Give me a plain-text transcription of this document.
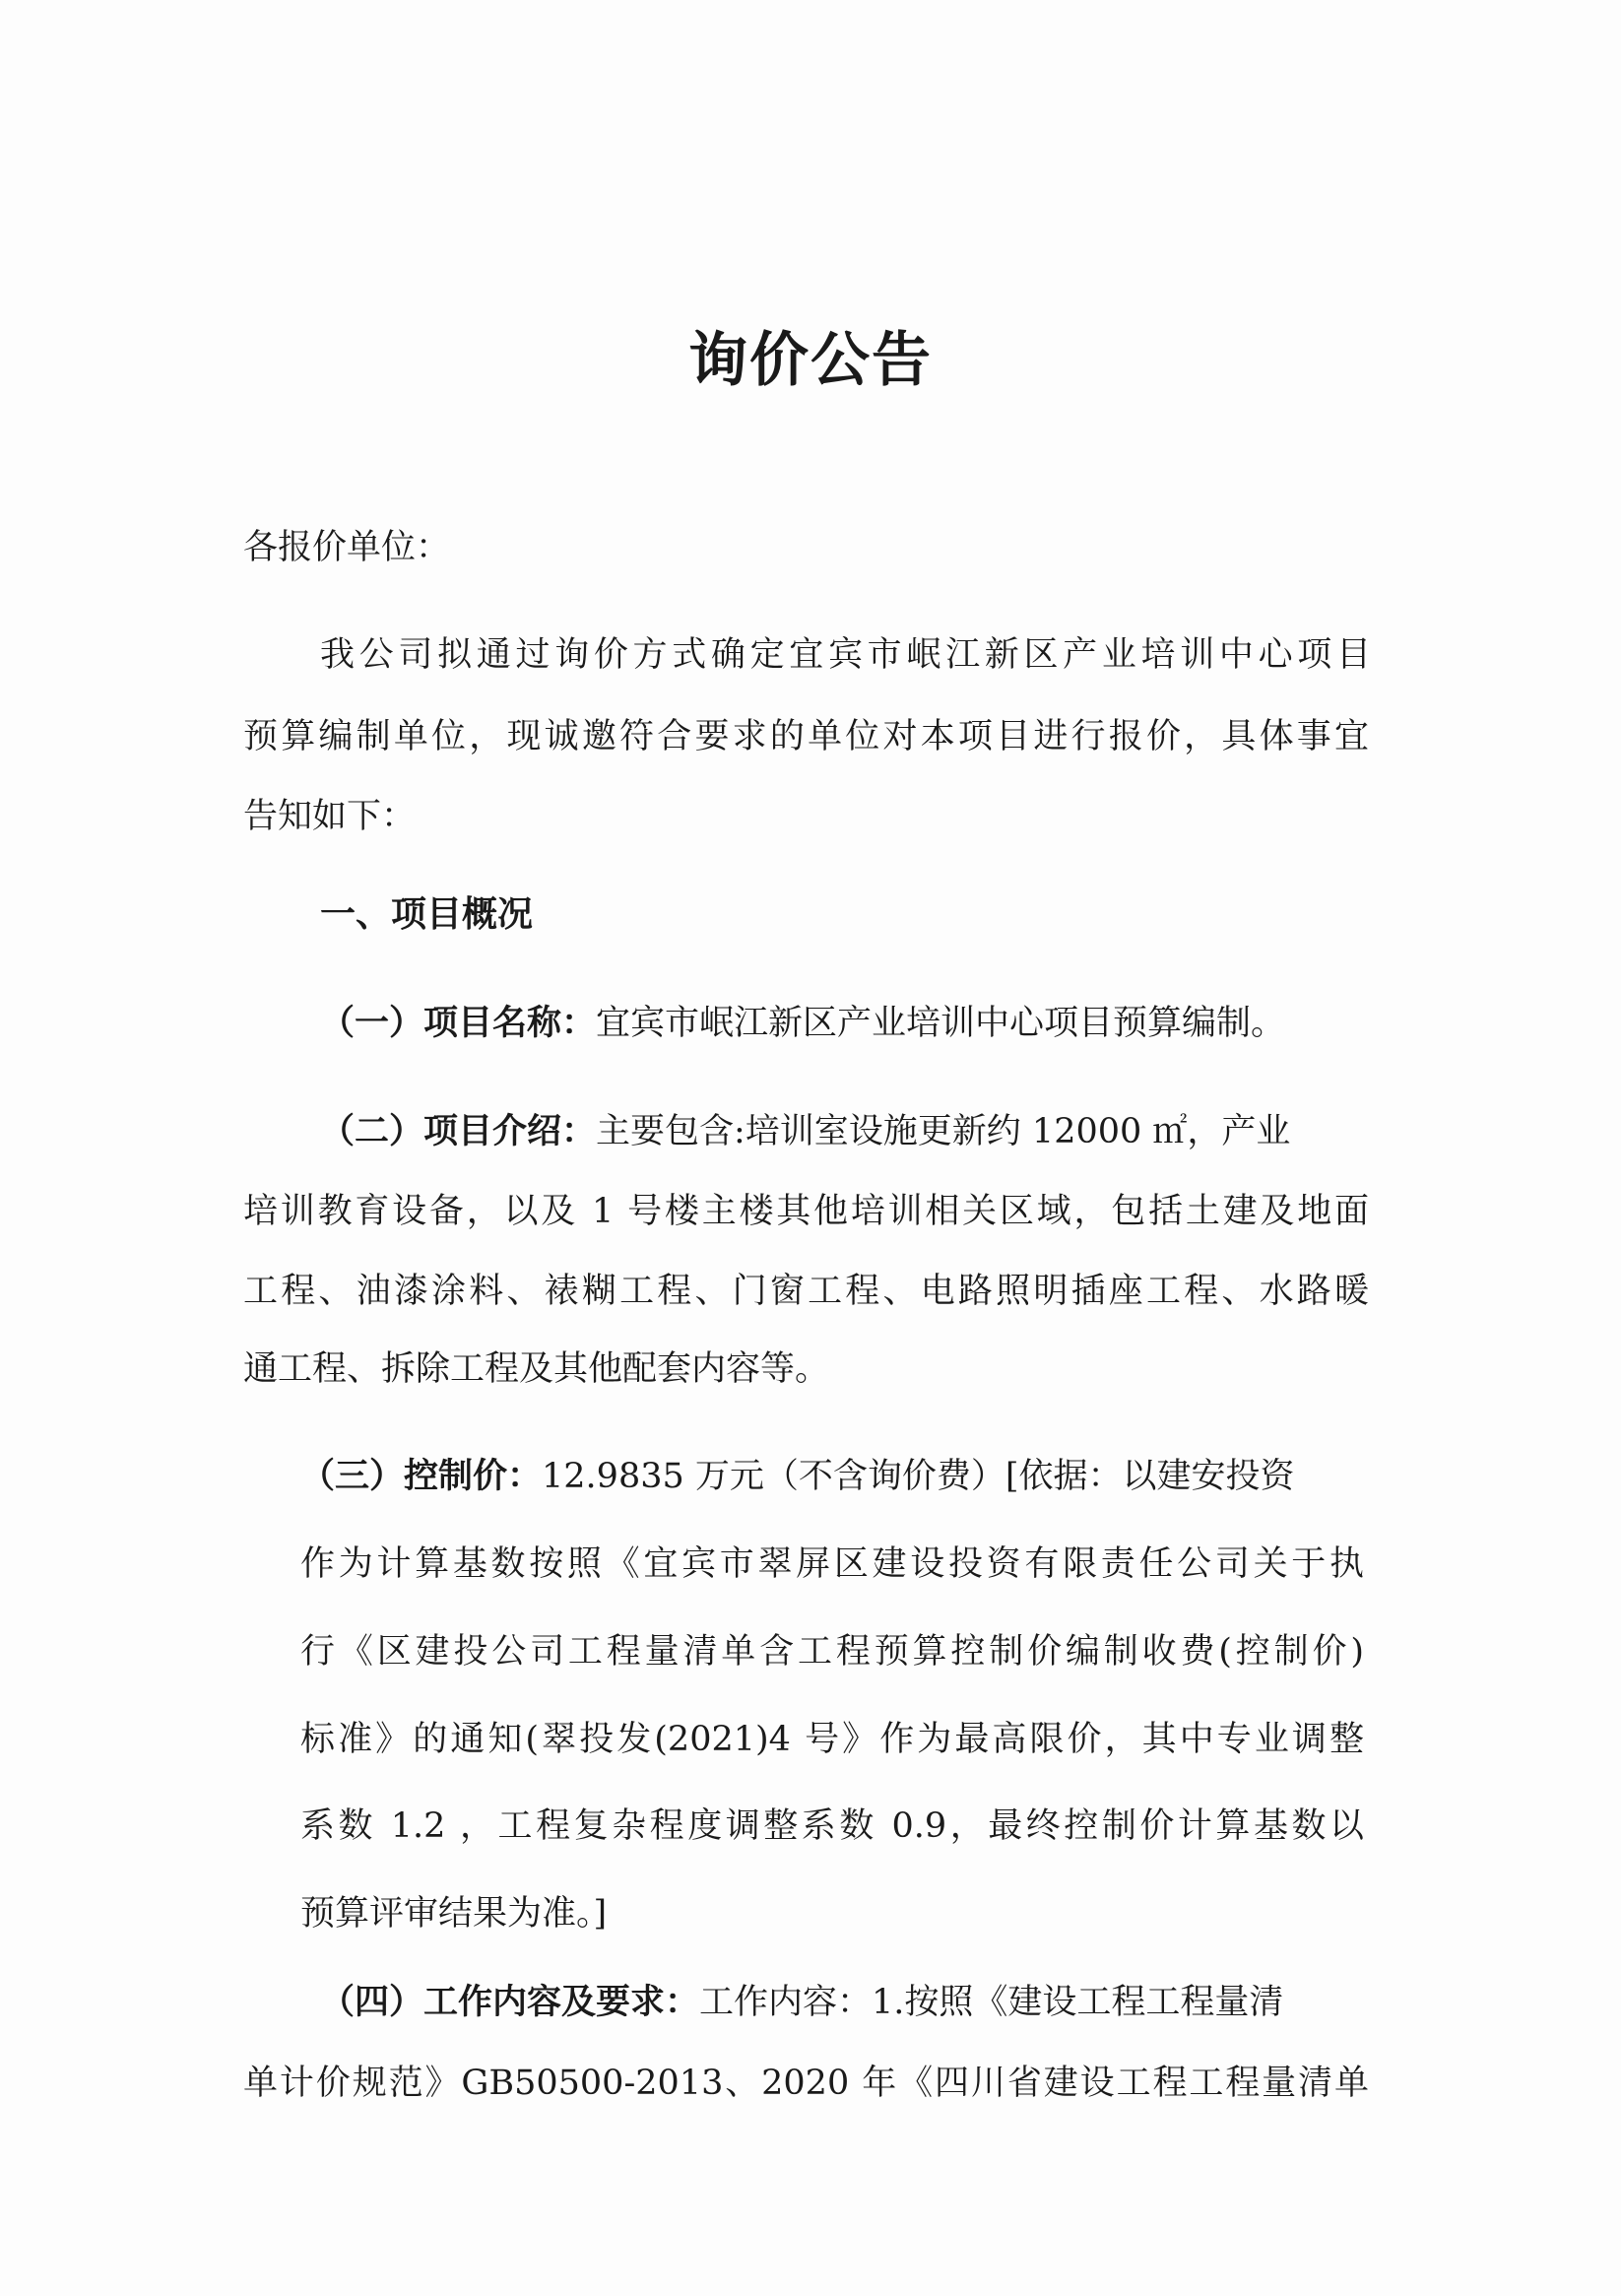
询价公告

各报价单位：

我公司拟通过询价方式确定宜宾市岷江新区产业培训中心项目

预算编制单位，现诚邀符合要求的单位对本项目进行报价，具体事宜

告知如下：

一、项目概况

（一）项目名称：宜宾市岷江新区产业培训中心项目预算编制。

（二）项目介绍：主要包含:培训室设施更新约 12000 ㎡，产业

培训教育设备，以及 1 号楼主楼其他培训相关区域，包括土建及地面

工程、油漆涂料、裱糊工程、门窗工程、电路照明插座工程、水路暖

通工程、拆除工程及其他配套内容等。

（三）控制价：12.9835 万元（不含询价费）[依据：以建安投资

作为计算基数按照《宜宾市翠屏区建设投资有限责任公司关于执

行《区建投公司工程量清单含工程预算控制价编制收费(控制价)

标准》的通知(翠投发(2021)4 号》作为最高限价，其中专业调整

系数 1.2 ，工程复杂程度调整系数 0.9，最终控制价计算基数以

预算评审结果为准。]

（四）工作内容及要求：工作内容：1.按照《建设工程工程量清

单计价规范》GB50500-2013、2020 年《四川省建设工程工程量清单
